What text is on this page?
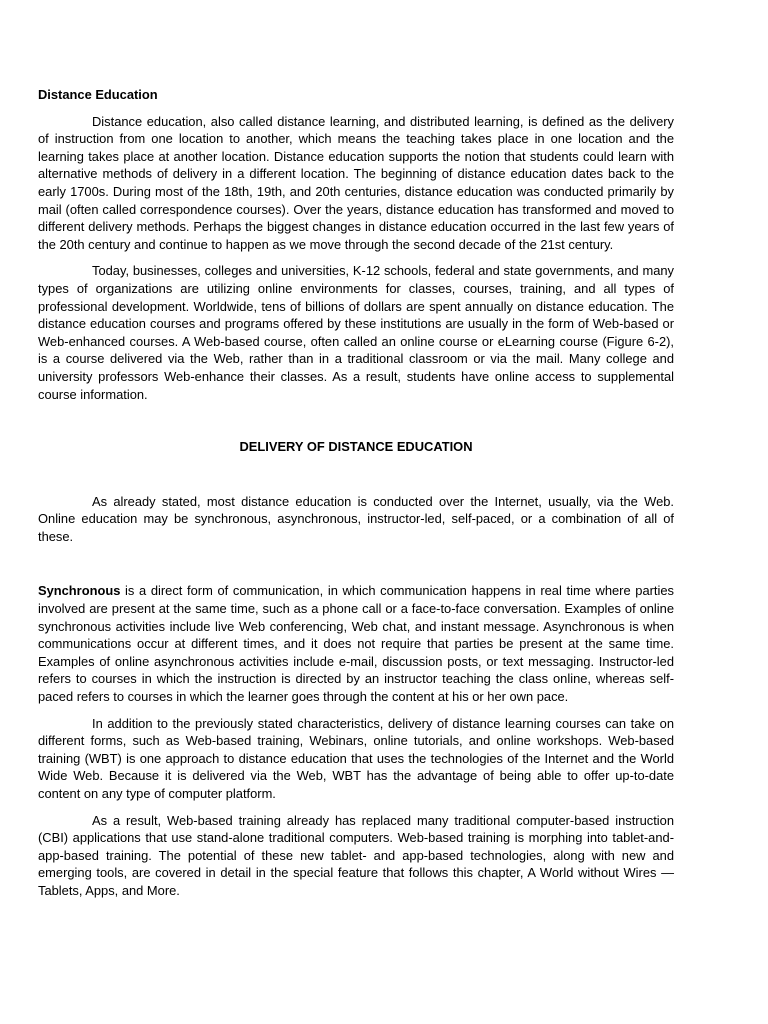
Distance Education

Distance education, also called distance learning, and distributed learning, is defined as the delivery of instruction from one location to another, which means the teaching takes place in one location and the learning takes place at another location. Distance education supports the notion that students could learn with alternative methods of delivery in a different location. The beginning of distance education dates back to the early 1700s. During most of the 18th, 19th, and 20th centuries, distance education was conducted primarily by mail (often called correspondence courses). Over the years, distance education has transformed and moved to different delivery methods. Perhaps the biggest changes in distance education occurred in the last few years of the 20th century and continue to happen as we move through the second decade of the 21st century.

Today, businesses, colleges and universities, K-12 schools, federal and state governments, and many types of organizations are utilizing online environments for classes, courses, training, and all types of professional development. Worldwide, tens of billions of dollars are spent annually on distance education. The distance education courses and programs offered by these institutions are usually in the form of Web-based or Web-enhanced courses. A Web-based course, often called an online course or eLearning course (Figure 6-2), is a course delivered via the Web, rather than in a traditional classroom or via the mail. Many college and university professors Web-enhance their classes. As a result, students have online access to supplemental course information.

DELIVERY OF DISTANCE EDUCATION

As already stated, most distance education is conducted over the Internet, usually, via the Web. Online education may be synchronous, asynchronous, instructor-led, self-paced, or a combination of all of these.

Synchronous is a direct form of communication, in which communication happens in real time where parties involved are present at the same time, such as a phone call or a face-to-face conversation. Examples of online synchronous activities include live Web conferencing, Web chat, and instant message. Asynchronous is when communications occur at different times, and it does not require that parties be present at the same time. Examples of online asynchronous activities include e-mail, discussion posts, or text messaging. Instructor-led refers to courses in which the instruction is directed by an instructor teaching the class online, whereas self-paced refers to courses in which the learner goes through the content at his or her own pace.

In addition to the previously stated characteristics, delivery of distance learning courses can take on different forms, such as Web-based training, Webinars, online tutorials, and online workshops. Web-based training (WBT) is one approach to distance education that uses the technologies of the Internet and the World Wide Web. Because it is delivered via the Web, WBT has the advantage of being able to offer up-to-date content on any type of computer platform.

As a result, Web-based training already has replaced many traditional computer-based instruction (CBI) applications that use stand-alone traditional computers. Web-based training is morphing into tablet-and-app-based training. The potential of these new tablet- and app-based technologies, along with new and emerging tools, are covered in detail in the special feature that follows this chapter, A World without Wires — Tablets, Apps, and More.
